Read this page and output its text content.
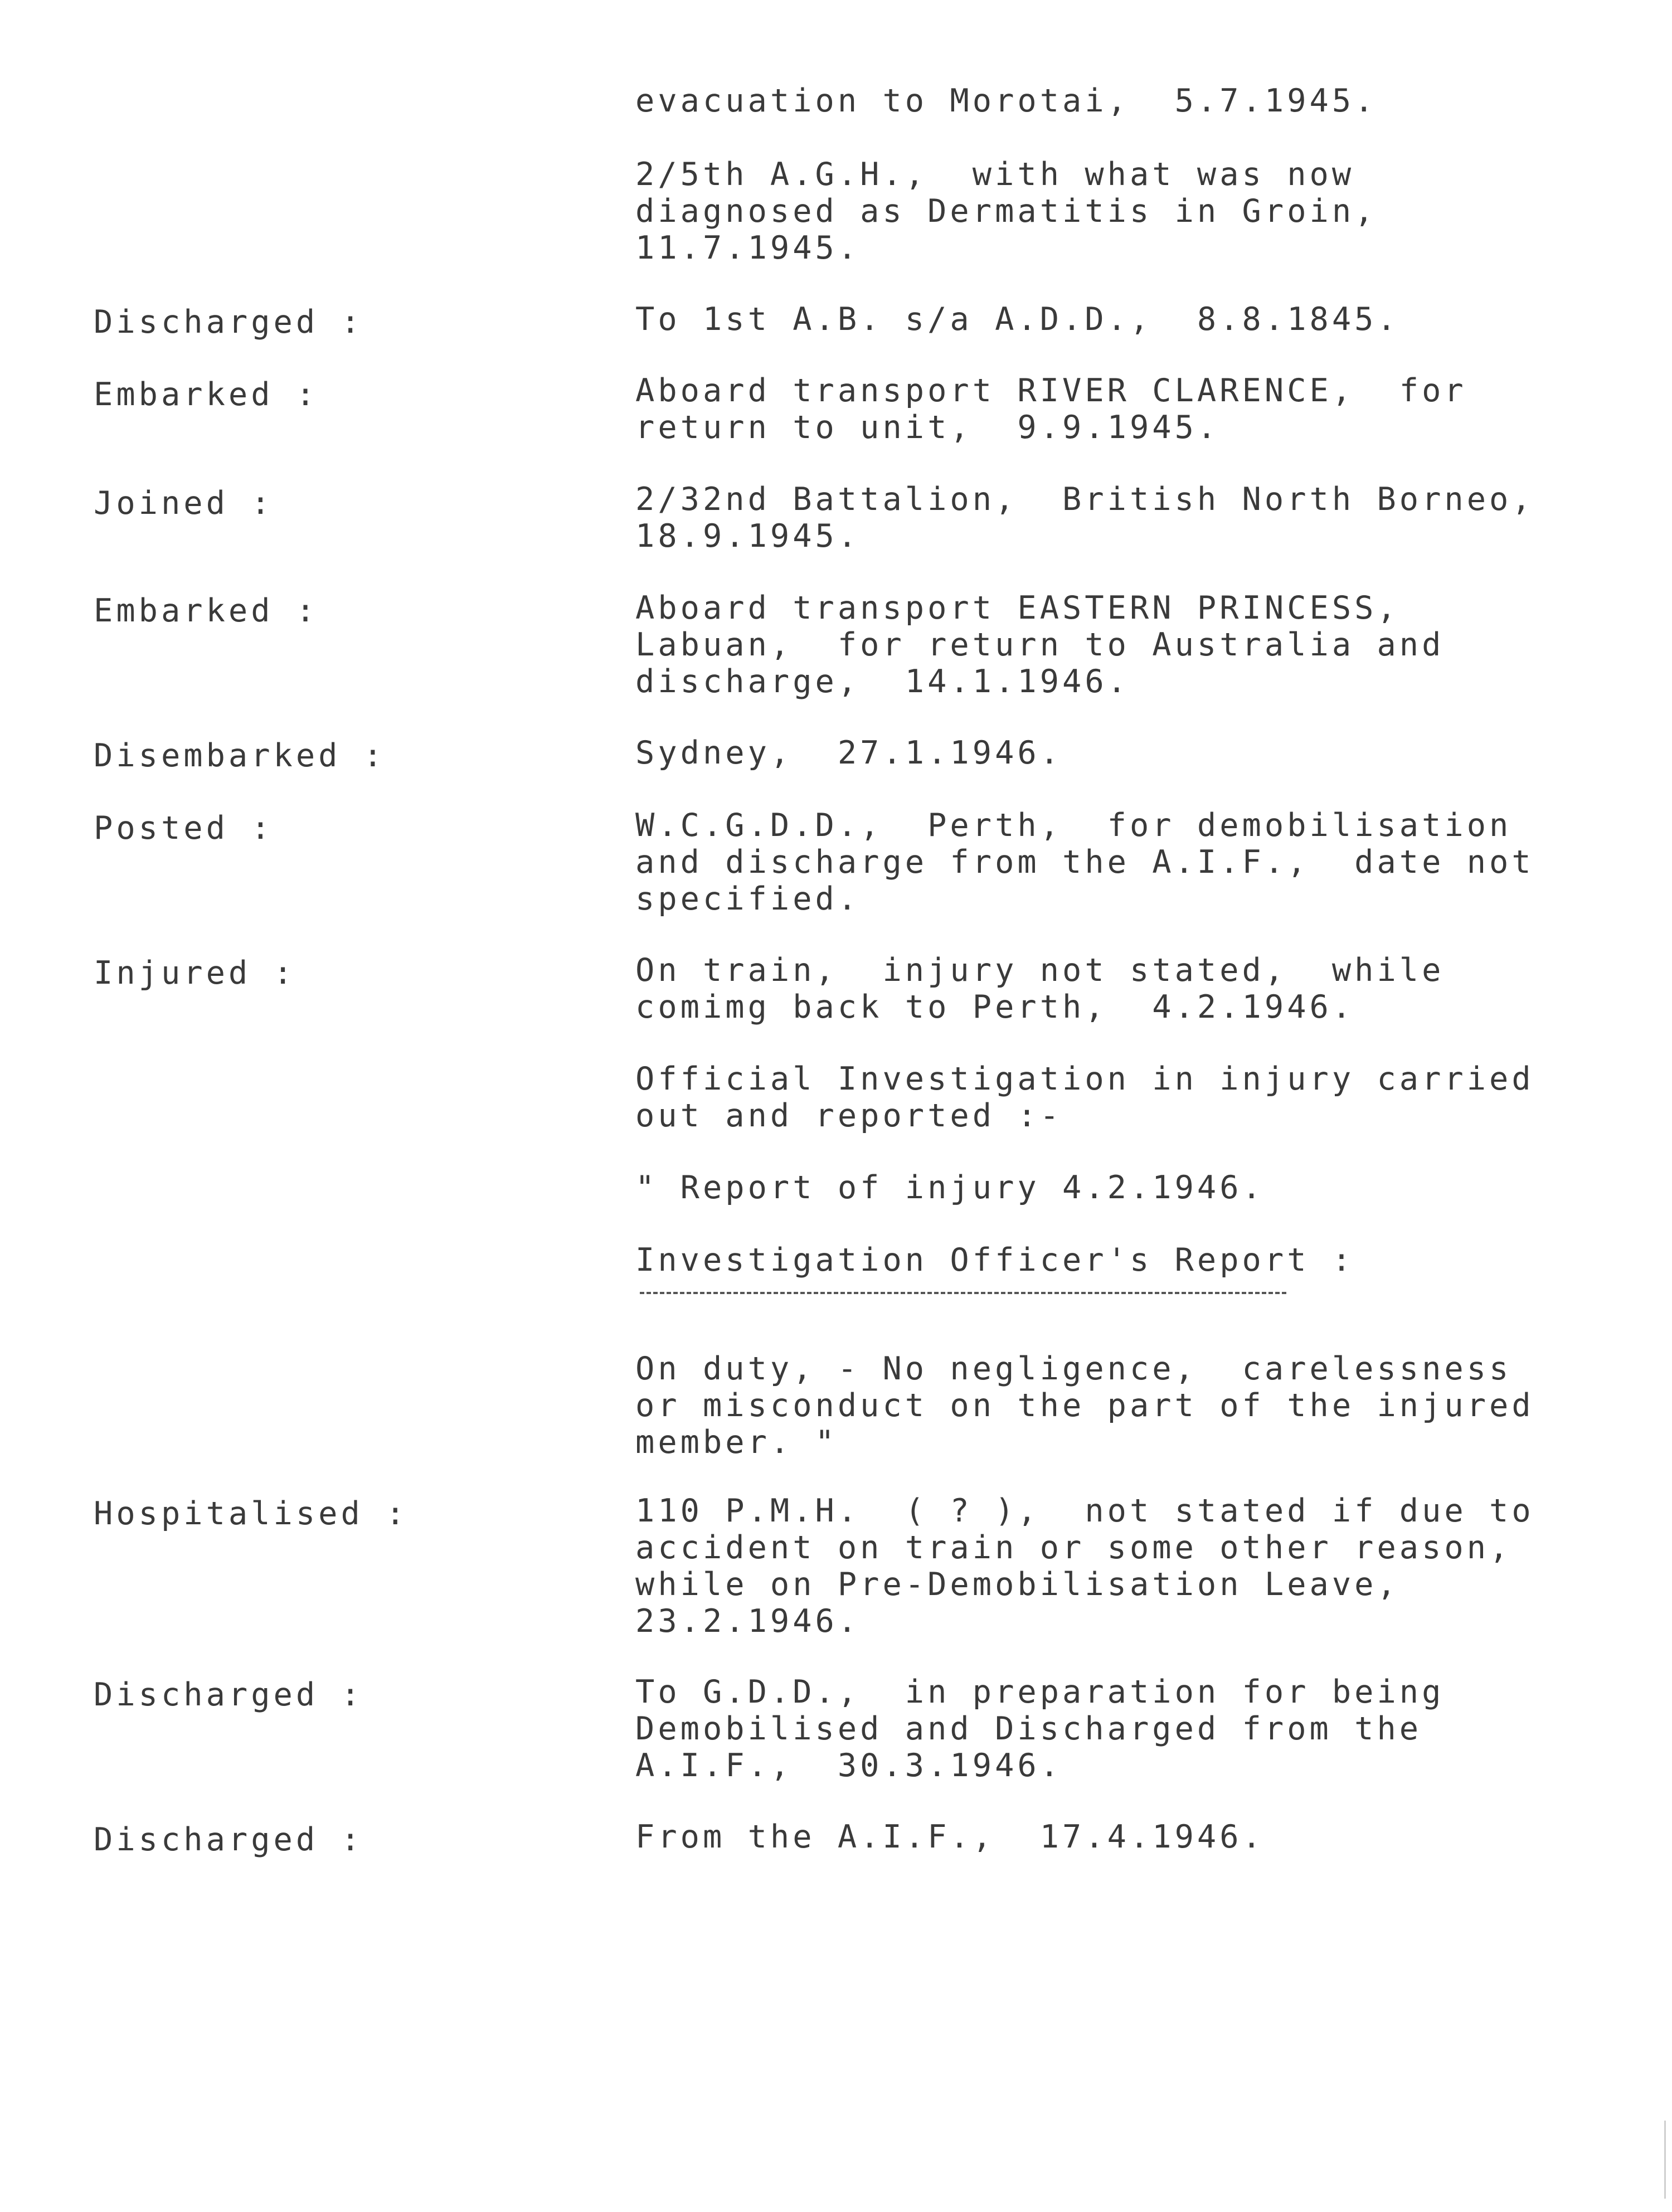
evacuation to Morotai,  5.7.1945.
2/5th A.G.H.,  with what was now
diagnosed as Dermatitis in Groin,
11.7.1945.
Discharged :	To 1st A.B. s/a A.D.D.,  8.8.1845.
Embarked :	Aboard transport RIVER CLARENCE,  for
return to unit,  9.9.1945.
Joined :	2/32nd Battalion,  British North Borneo,
18.9.1945.
Embarked :	Aboard transport EASTERN PRINCESS,
Labuan,  for return to Australia and
discharge,  14.1.1946.
Disembarked :	Sydney,  27.1.1946.
Posted :	W.C.G.D.D.,  Perth,  for demobilisation
and discharge from the A.I.F.,  date not
specified.
Injured :	On train,  injury not stated,  while
comimg back to Perth,  4.2.1946.
Official Investigation in injury carried
out and reported :-
" Report of injury 4.2.1946.
Investigation Officer's Report :
On duty, - No negligence,  carelessness
or misconduct on the part of the injured
member. "
Hospitalised :	110 P.M.H.  ( ? ),  not stated if due to
accident on train or some other reason,
while on Pre-Demobilisation Leave,
23.2.1946.
Discharged :	To G.D.D.,  in preparation for being
Demobilised and Discharged from the
A.I.F.,  30.3.1946.
Discharged :	From the A.I.F.,  17.4.1946.
